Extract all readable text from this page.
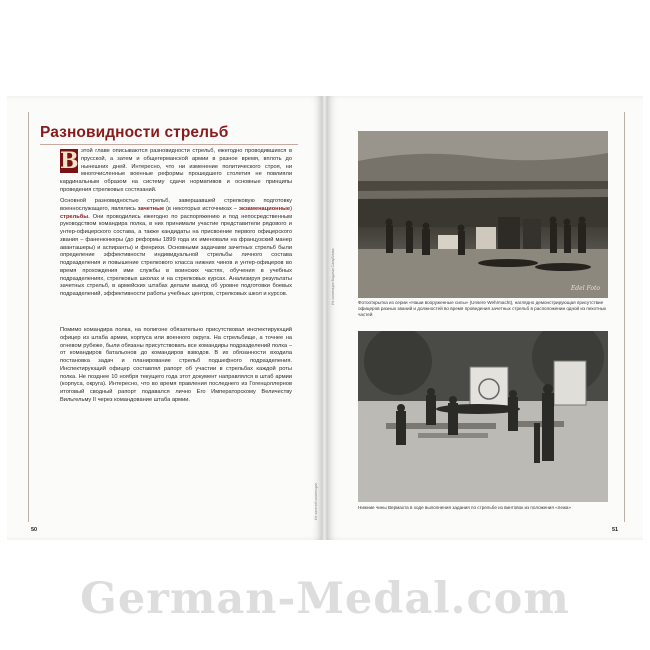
Разновидности стрельб
В этой главе описываются разновидности стрельб, ежегодно проводившихся в прусской, а затем и общегерманской армии в разное время, вплоть до нынешних дней. Интересно, что ни изменение политического строя, ни многочисленные военные реформы прошедшего столетия не повлияли кардинальным образом на систему сдачи нормативов и основные принципы проведения стрелковых состязаний.
Основной разновидностью стрельб, завершавшей стрелковую подготовку военнослужащего, являлись зачетные (в некоторых источниках – экзаменационные) стрельбы. Они проводились ежегодно по распоряжению и под непосредственным руководством командира полка, в них принимали участие представители рядового и унтер-офицерского состава, а также кандидаты на присвоение первого офицерского звания – фаненюнкеры (до реформы 1899 года их именовали на французский манер аванташеры) и аспиранты) и фенрихи. Основными задачами зачетных стрельб были определение эффективности индивидуальной стрельбы личного состава подразделения и повышение стрелкового класса нижних чинов и унтер-офицеров во время прохождения ими службы в воинских частях, обучения в учебных подразделениях, стрелковых школах и на стрелковых курсах. Анализируя результаты зачетных стрельб, в армейских штабах делали вывод об уровне подготовки боевых подразделений, эффективности работы учебных центров, стрелковых школ и курсов.
Помимо командира полка, на полигоне обязательно присутствовал инспектирующий офицер из штаба армии, корпуса или военного округа. На стрельбище, а точнее на огневом рубеже, были обязаны присутствовать все командиры подразделений полка – от командиров батальонов до командиров взводов. В их обязанности входила постановка задач и планирование стрельб подшефного подразделения. Инспектирующий офицер составлял рапорт об участии в стрельбах каждой роты полка. Не позднее 10 ноября текущего года этот документ направлялся в штаб армии (корпуса, округа). Интересно, что во время правления последнего из Гогенцоллернов итоговый сводный рапорт подавался лично Его Императорскому Величеству Вильгельму II через командование штаба армии.
50	51
Из частной коллекции
Из коллекции Вадима Самуйлова	Edel Foto
Фотооткрытка из серии «Наши вооруженные силы» (Unsere Wehrmacht), наглядно демонстрирующая присутствие офицеров разных званий и должностей во время проведения зачетных стрельб в расположении одной из пехотных частей
Нижние чины Вермахта в ходе выполнения задания по стрельбе из винтовок из положения «лежа»
German-Medal.com
